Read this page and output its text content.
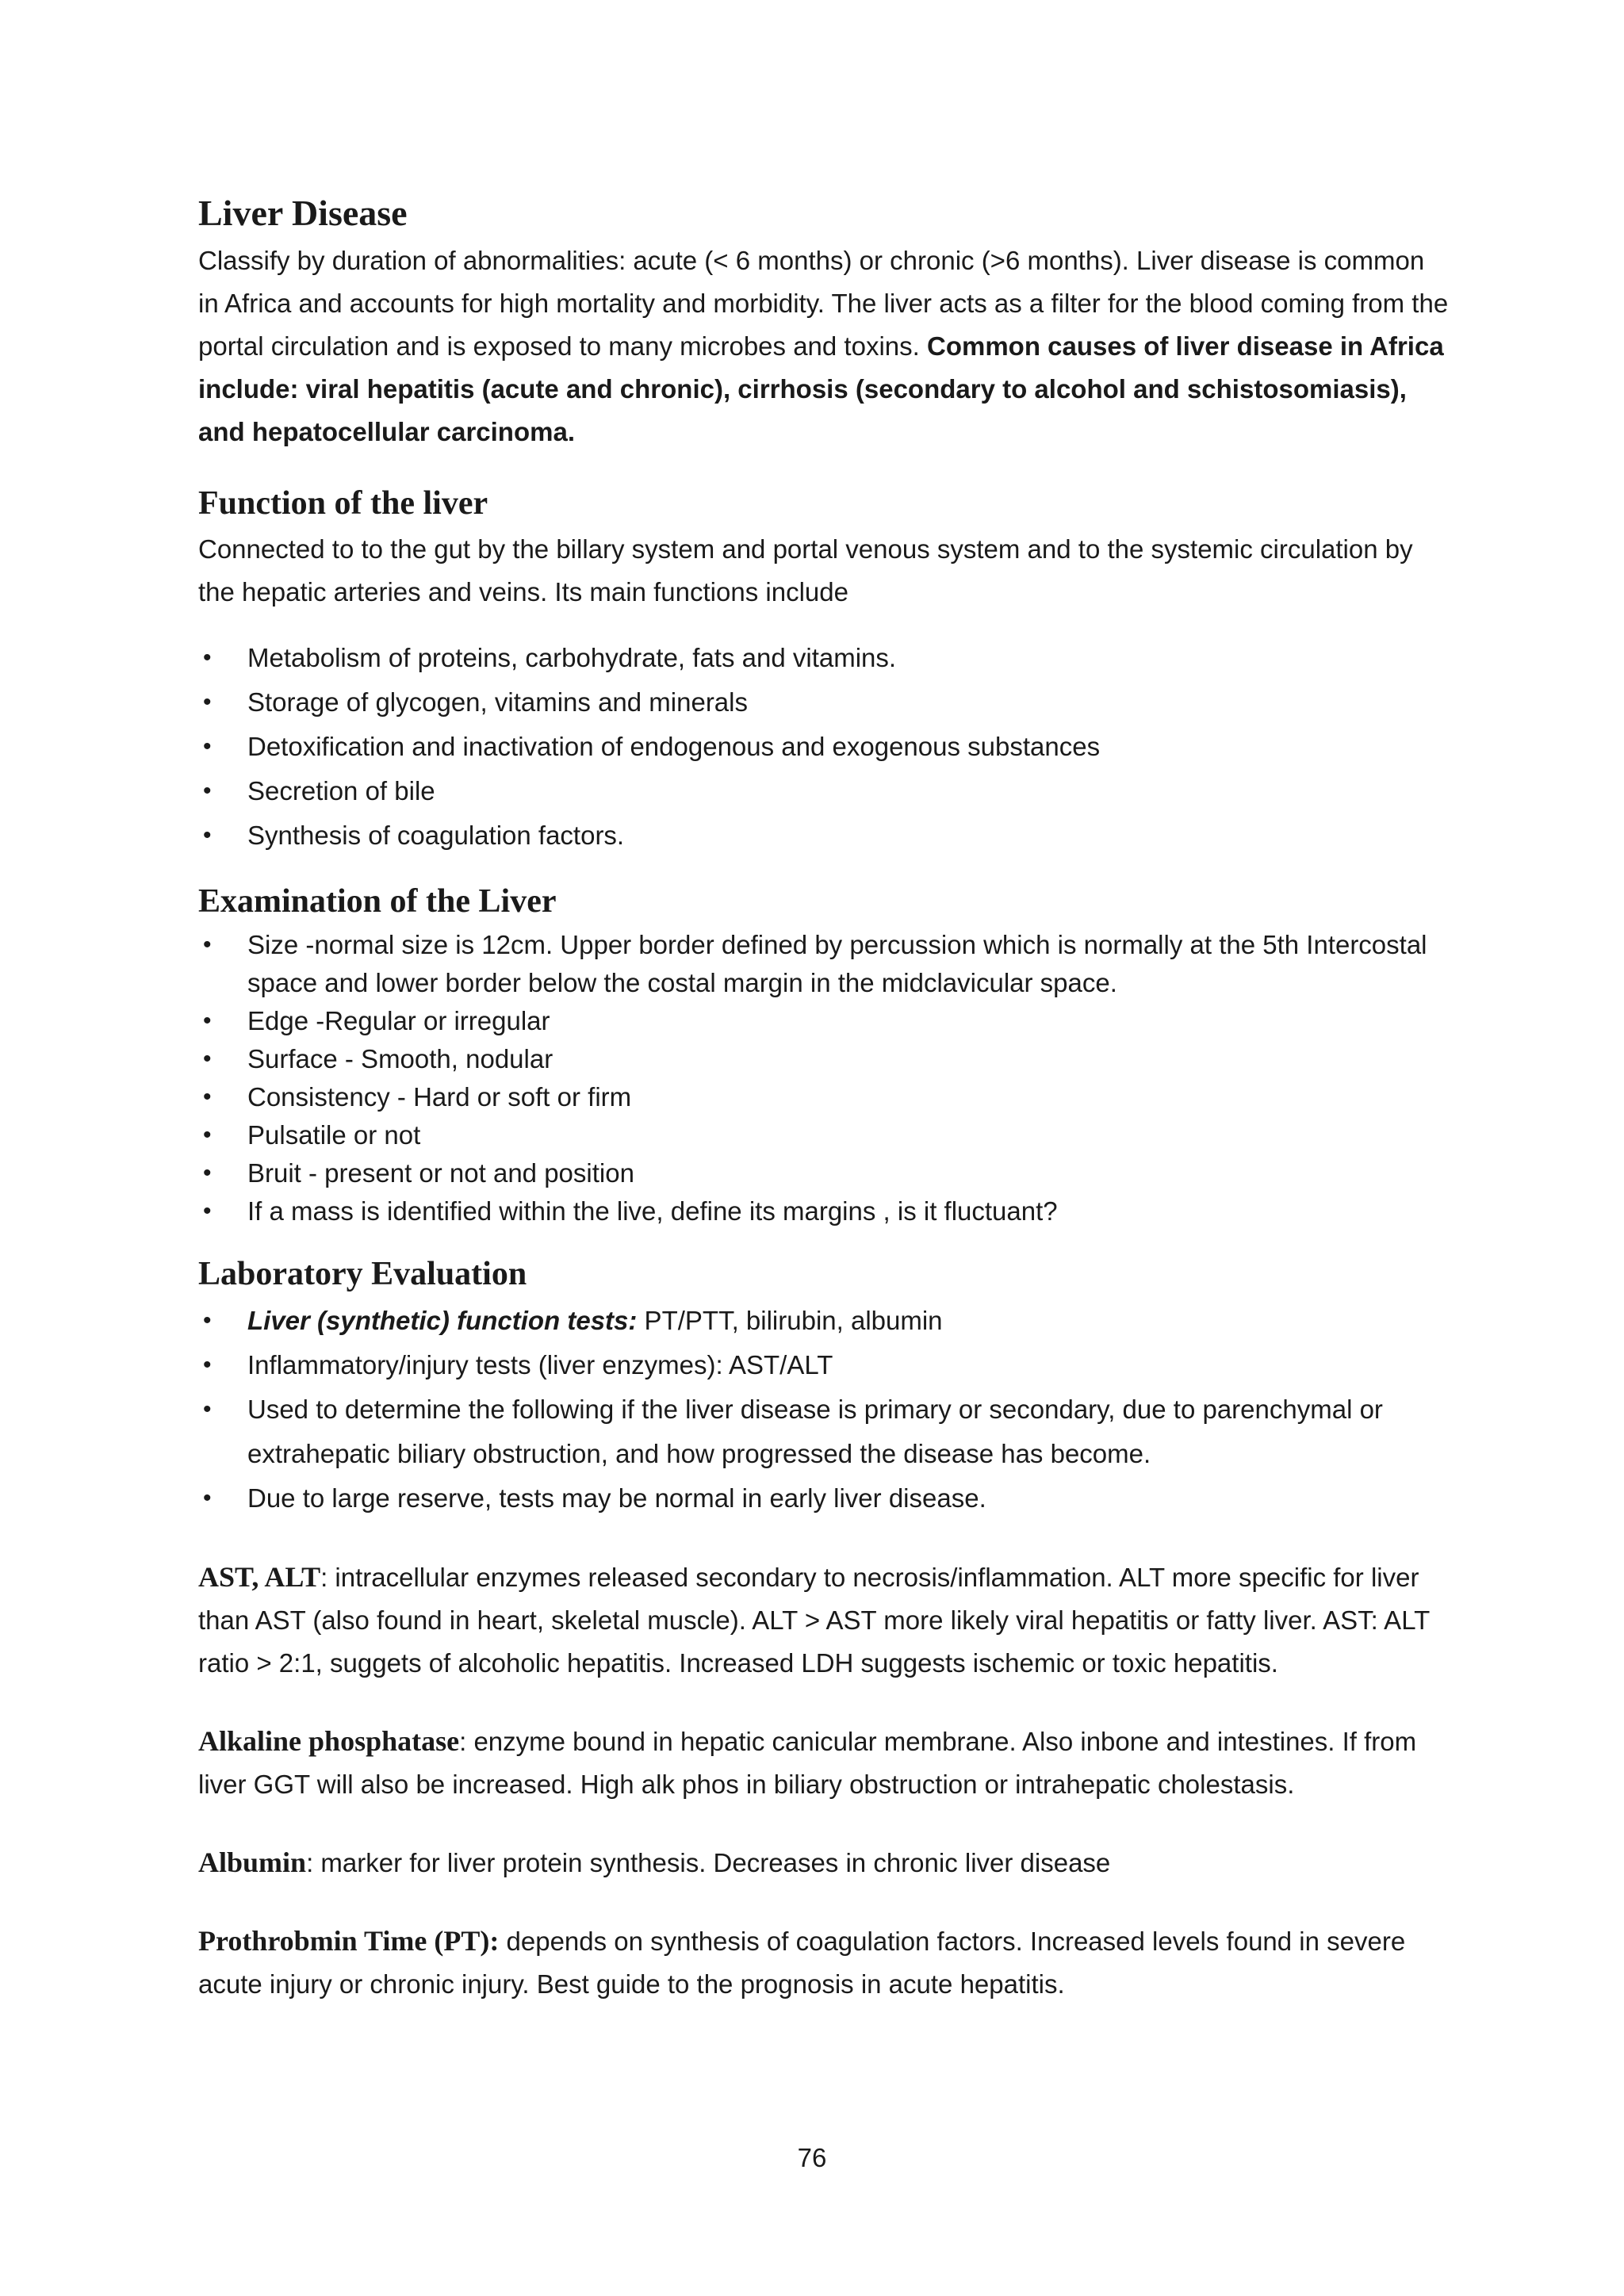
Liver Disease

Classify by duration of abnormalities: acute (< 6 months) or chronic (>6 months). Liver disease is common in Africa and accounts for high mortality and morbidity. The liver acts as a filter for the blood coming from the portal circulation and is exposed to many microbes and toxins. Common causes of liver disease in Africa include: viral hepatitis (acute and chronic), cirrhosis (secondary to alcohol and schistosomiasis), and hepatocellular carcinoma.

Function of the liver

Connected to to the gut by the billary system and portal venous system and to the systemic circulation by the hepatic arteries and veins. Its main functions include

• Metabolism of proteins, carbohydrate, fats and vitamins.
• Storage of glycogen, vitamins and minerals
• Detoxification and inactivation of endogenous and exogenous substances
• Secretion of bile
• Synthesis of coagulation factors.
Examination of the Liver
• Size -normal size is 12cm. Upper border defined by percussion which is normally at the 5th Intercostal space and lower border below the costal margin in the midclavicular space.
• Edge -Regular or irregular
• Surface - Smooth, nodular
• Consistency - Hard or soft or firm
• Pulsatile or not
• Bruit - present or not and position
• If a mass is identified within the live, define its margins , is it fluctuant?
Laboratory Evaluation
• Liver (synthetic) function tests: PT/PTT, bilirubin, albumin
• Inflammatory/injury tests (liver enzymes): AST/ALT
• Used to determine the following if the liver disease is primary or secondary, due to parenchymal or extrahepatic biliary obstruction, and how progressed the disease has become.
• Due to large reserve, tests may be normal in early liver disease.

AST, ALT: intracellular enzymes released secondary to necrosis/inflammation. ALT more specific for liver than AST (also found in heart, skeletal muscle). ALT > AST more likely viral hepatitis or fatty liver. AST: ALT ratio > 2:1, suggets of alcoholic hepatitis. Increased LDH suggests ischemic or toxic hepatitis.

Alkaline phosphatase: enzyme bound in hepatic canicular membrane. Also inbone and intestines. If from liver GGT will also be increased. High alk phos in biliary obstruction or intrahepatic cholestasis.

Albumin: marker for liver protein synthesis. Decreases in chronic liver disease

Prothrobmin Time (PT): depends on synthesis of coagulation factors. Increased levels found in severe acute injury or chronic injury. Best guide to the prognosis in acute hepatitis.

76
